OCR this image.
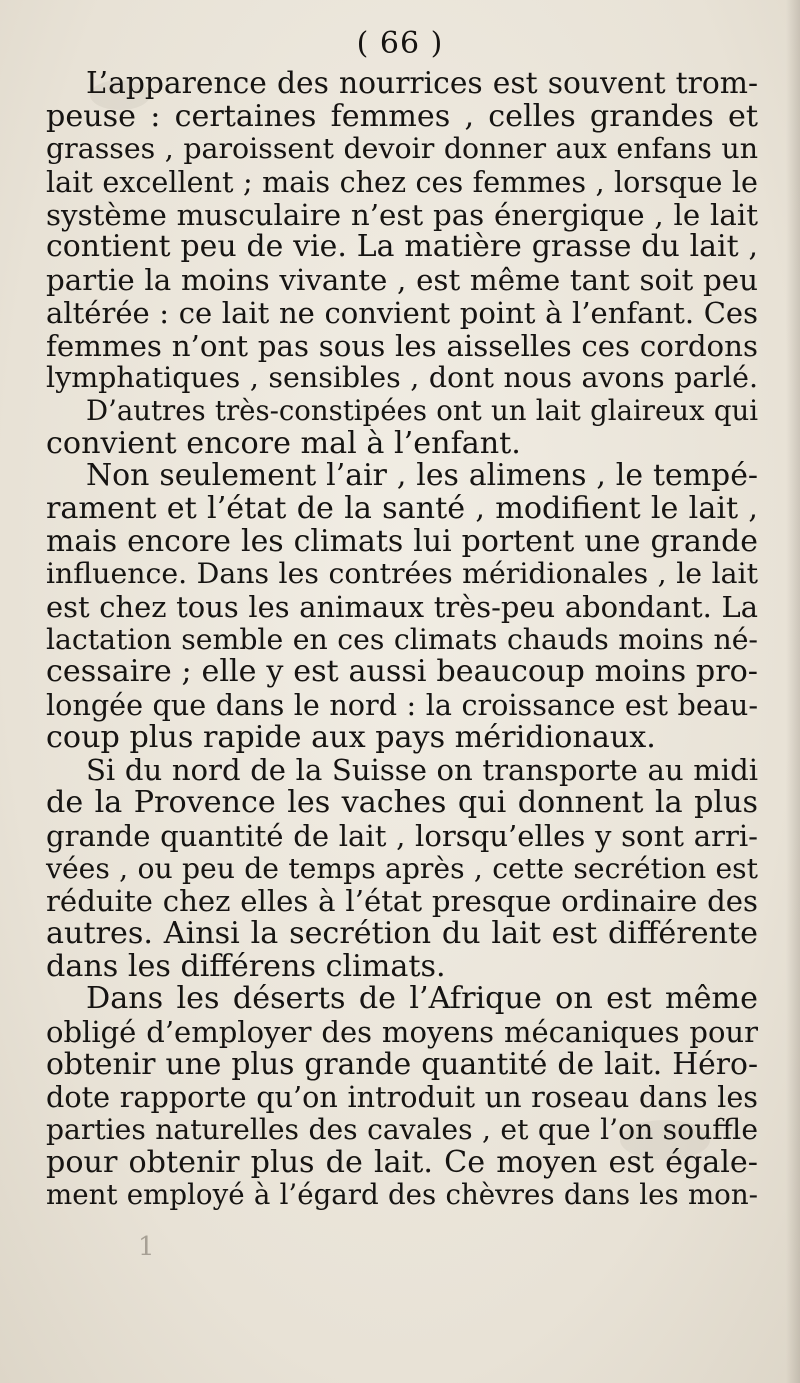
( 66 )
L’apparence des nourrices est souvent trom-
peuse : certaines femmes , celles grandes et
grasses , paroissent devoir donner aux enfans un
lait excellent ; mais chez ces femmes , lorsque le
système musculaire n’est pas énergique , le lait
contient peu de vie. La matière grasse du lait ,
partie la moins vivante , est même tant soit peu
altérée : ce lait ne convient point à l’enfant. Ces
femmes n’ont pas sous les aisselles ces cordons
lymphatiques , sensibles , dont nous avons parlé.
D’autres très-constipées ont un lait glaireux qui
convient encore mal à l’enfant.
Non seulement l’air , les alimens , le tempé-
rament et l’état de la santé , modifient le lait ,
mais encore les climats lui portent une grande
influence. Dans les contrées méridionales , le lait
est chez tous les animaux très-peu abondant. La
lactation semble en ces climats chauds moins né-
cessaire ; elle y est aussi beaucoup moins pro-
longée que dans le nord : la croissance est beau-
coup plus rapide aux pays méridionaux.
Si du nord de la Suisse on transporte au midi
de la Provence les vaches qui donnent la plus
grande quantité de lait , lorsqu’elles y sont arri-
vées , ou peu de temps après , cette secrétion est
réduite chez elles à l’état presque ordinaire des
autres. Ainsi la secrétion du lait est différente
dans les différens climats.
Dans les déserts de l’Afrique on est même
obligé d’employer des moyens mécaniques pour
obtenir une plus grande quantité de lait. Héro-
dote rapporte qu’on introduit un roseau dans les
parties naturelles des cavales , et que l’on souffle
pour obtenir plus de lait. Ce moyen est égale-
ment employé à l’égard des chèvres dans les mon-
1
